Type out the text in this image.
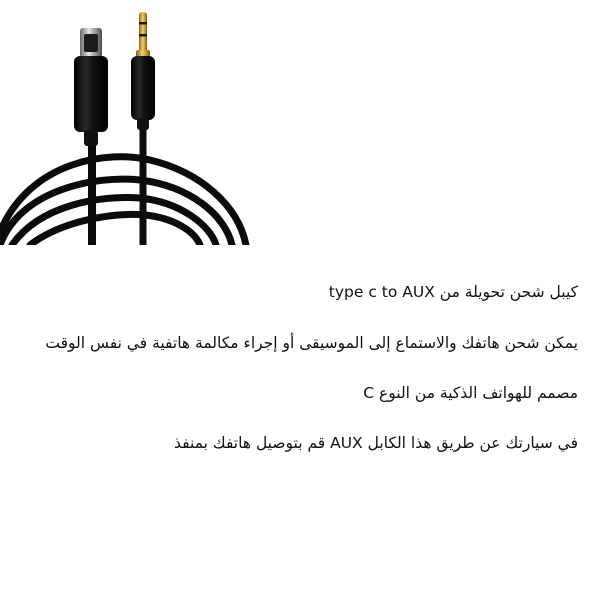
كيبل شحن تحويلة من type c to AUX
يمكن شحن هاتفك والاستماع إلى الموسيقى أو إجراء مكالمة هاتفية في نفس الوقت
مصمم للهواتف الذكية من النوع C
في سيارتك عن طريق هذا الكابل AUX قم بتوصيل هاتفك بمنفذ
